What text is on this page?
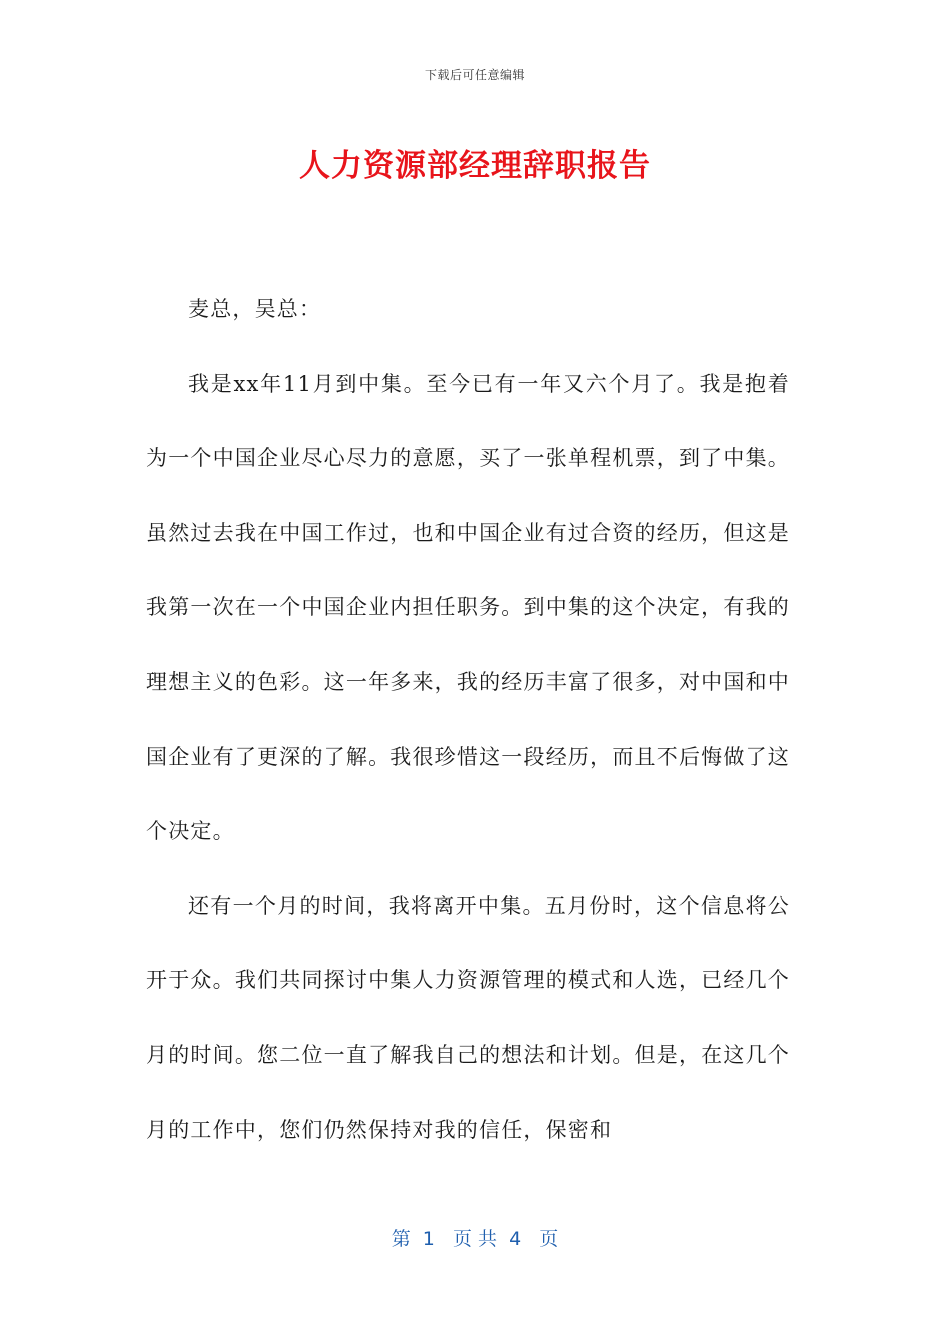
下载后可任意编辑
人力资源部经理辞职报告

麦总，吴总：

我是xx年11月到中集。至今已有一年又六个月了。我是抱着为一个中国企业尽心尽力的意愿，买了一张单程机票，到了中集。虽然过去我在中国工作过，也和中国企业有过合资的经历，但这是我第一次在一个中国企业内担任职务。到中集的这个决定，有我的理想主义的色彩。这一年多来，我的经历丰富了很多，对中国和中国企业有了更深的了解。我很珍惜这一段经历，而且不后悔做了这个决定。

还有一个月的时间，我将离开中集。五月份时，这个信息将公开于众。我们共同探讨中集人力资源管理的模式和人选，已经几个月的时间。您二位一直了解我自己的想法和计划。但是，在这几个月的工作中，您们仍然保持对我的信任，保密和

第  1   页 共  4   页
